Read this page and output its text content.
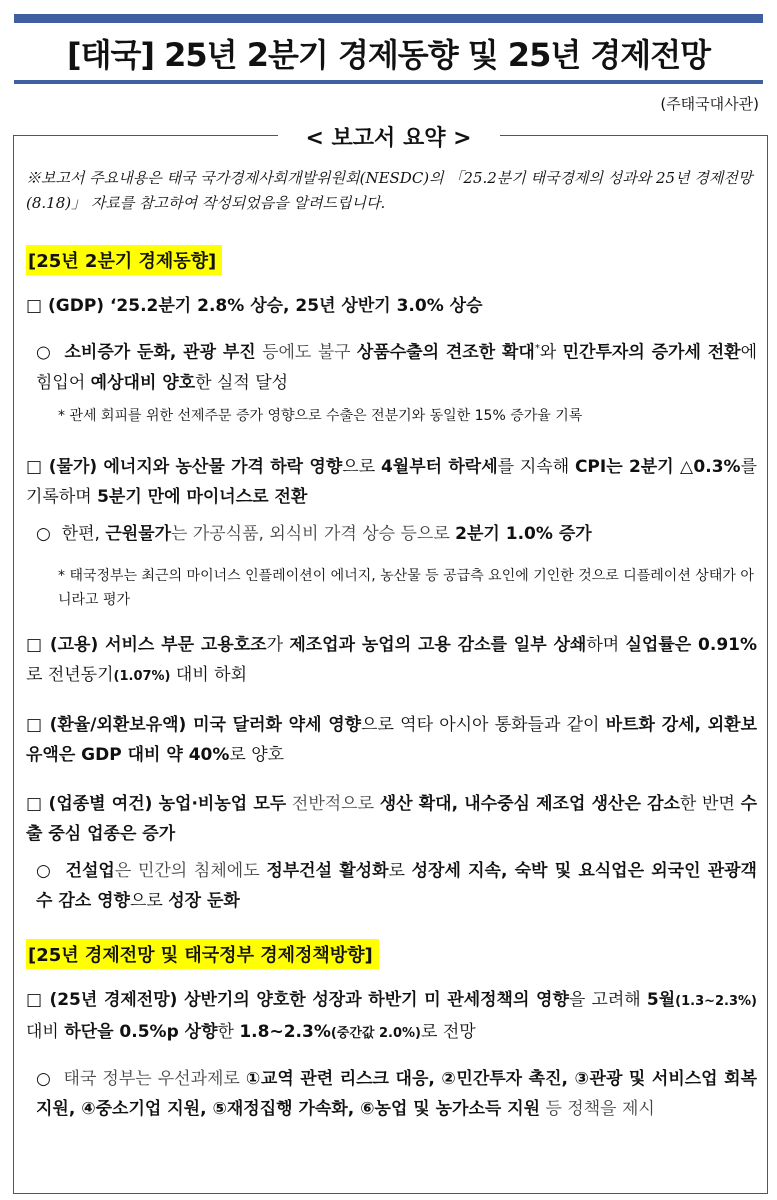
[태국] 25년 2분기 경제동향 및 25년 경제전망
(주태국대사관)
< 보고서 요약 >
※보고서 주요내용은 태국 국가경제사회개발위원회(NESDC)의 「25.2분기 태국경제의 성과와 25년 경제전망(8.18)」 자료를 참고하여 작성되었음을 알려드립니다.
[25년 2분기 경제동향]
□ (GDP) ‘25.2분기 2.8% 상승, 25년 상반기 3.0% 상승
○  소비증가 둔화, 관광 부진 등에도 불구 상품수출의 견조한 확대*와 민간투자의 증가세 전환에 힘입어 예상대비 양호한 실적 달성
* 관세 회피를 위한 선제주문 증가 영향으로 수출은 전분기와 동일한 15% 증가율 기록
□ (물가) 에너지와 농산물 가격 하락 영향으로 4월부터 하락세를 지속해 CPI는 2분기 △0.3%를 기록하며 5분기 만에 마이너스로 전환
○  한편, 근원물가는 가공식품, 외식비 가격 상승 등으로 2분기 1.0% 증가
* 태국정부는 최근의 마이너스 인플레이션이 에너지, 농산물 등 공급측 요인에 기인한 것으로 디플레이션 상태가 아니라고 평가
□ (고용) 서비스 부문 고용호조가 제조업과 농업의 고용 감소를 일부 상쇄하며 실업률은 0.91%로 전년동기(1.07%) 대비 하회
□ (환율/외환보유액) 미국 달러화 약세 영향으로 역타 아시아 통화들과 같이 바트화 강세, 외환보유액은 GDP 대비 약 40%로 양호
□ (업종별 여건) 농업·비농업 모두 전반적으로 생산 확대, 내수중심 제조업 생산은 감소한 반면 수출 중심 업종은 증가
○  건설업은 민간의 침체에도 정부건설 활성화로 성장세 지속, 숙박 및 요식업은 외국인 관광객 수 감소 영향으로 성장 둔화
[25년 경제전망 및 태국정부 경제정책방향]
□ (25년 경제전망) 상반기의 양호한 성장과 하반기 미 관세정책의 영향을 고려해 5월(1.3~2.3%) 대비 하단을 0.5%p 상향한 1.8~2.3%(중간값 2.0%)로 전망
○  태국 정부는 우선과제로 ①교역 관련 리스크 대응, ②민간투자 촉진, ③관광 및 서비스업 회복 지원, ④중소기업 지원, ⑤재정집행 가속화, ⑥농업 및 농가소득 지원 등 정책을 제시
